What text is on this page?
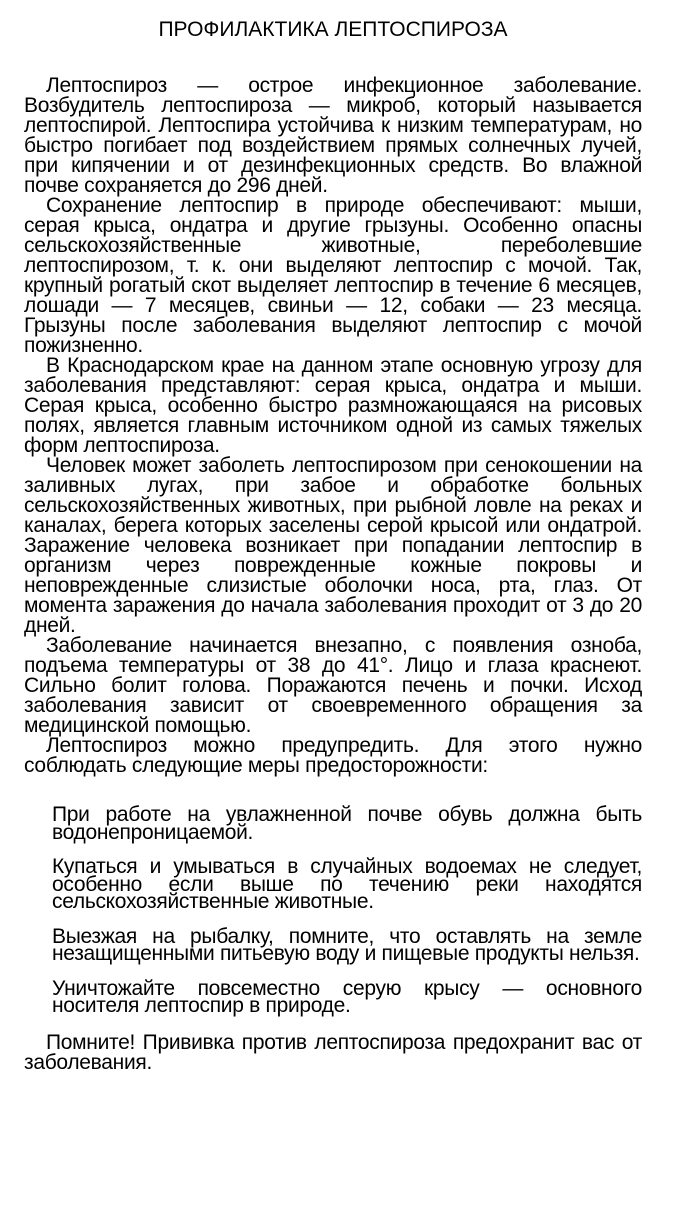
ПРОФИЛАКТИКА ЛЕПТОСПИРОЗА

Лептоспироз — острое инфекционное заболевание. Возбудитель лептоспироза — микроб, который называется лептоспирой. Лептоспира устойчива к низким температурам, но быстро погибает под воздействием прямых солнечных лучей, при кипячении и от дезинфекционных средств. Во влажной почве сохраняется до 296 дней.

Сохранение лептоспир в природе обеспечивают: мыши, серая крыса, ондатра и другие грызуны. Особенно опасны сельскохозяйственные животные, переболевшие лептоспирозом, т. к. они выделяют лептоспир с мочой. Так, крупный рогатый скот выделяет лептоспир в течение 6 месяцев, лошади — 7 месяцев, свиньи — 12, собаки — 23 месяца. Грызуны после заболевания выделяют лептоспир с мочой пожизненно.

В Краснодарском крае на данном этапе основную угрозу для заболевания представляют: серая крыса, ондатра и мыши. Серая крыса, особенно быстро размножающаяся на рисовых полях, является главным источником одной из самых тяжелых форм лептоспироза.

Человек может заболеть лептоспирозом при сенокошении на заливных лугах, при забое и обработке больных сельскохозяйственных животных, при рыбной ловле на реках и каналах, берега которых заселены серой крысой или ондатрой. Заражение человека возникает при попадании лептоспир в организм через поврежденные кожные покровы и неповрежденные слизистые оболочки носа, рта, глаз. От момента заражения до начала заболевания проходит от 3 до 20 дней.

Заболевание начинается внезапно, с появления озноба, подъема температуры от 38 до 41°. Лицо и глаза краснеют. Сильно болит голова. Поражаются печень и почки. Исход заболевания зависит от своевременного обращения за медицинской помощью.

Лептоспироз можно предупредить. Для этого нужно соблюдать следующие меры предосторожности:

При работе на увлажненной почве обувь должна быть водонепроницаемой.

Купаться и умываться в случайных водоемах не следует, особенно если выше по течению реки находятся сельскохозяйственные животные.

Выезжая на рыбалку, помните, что оставлять на земле незащищенными питьевую воду и пищевые продукты нельзя.

Уничтожайте повсеместно серую крысу — основного носителя лептоспир в природе.

Помните! Прививка против лептоспироза предохранит вас от заболевания.
